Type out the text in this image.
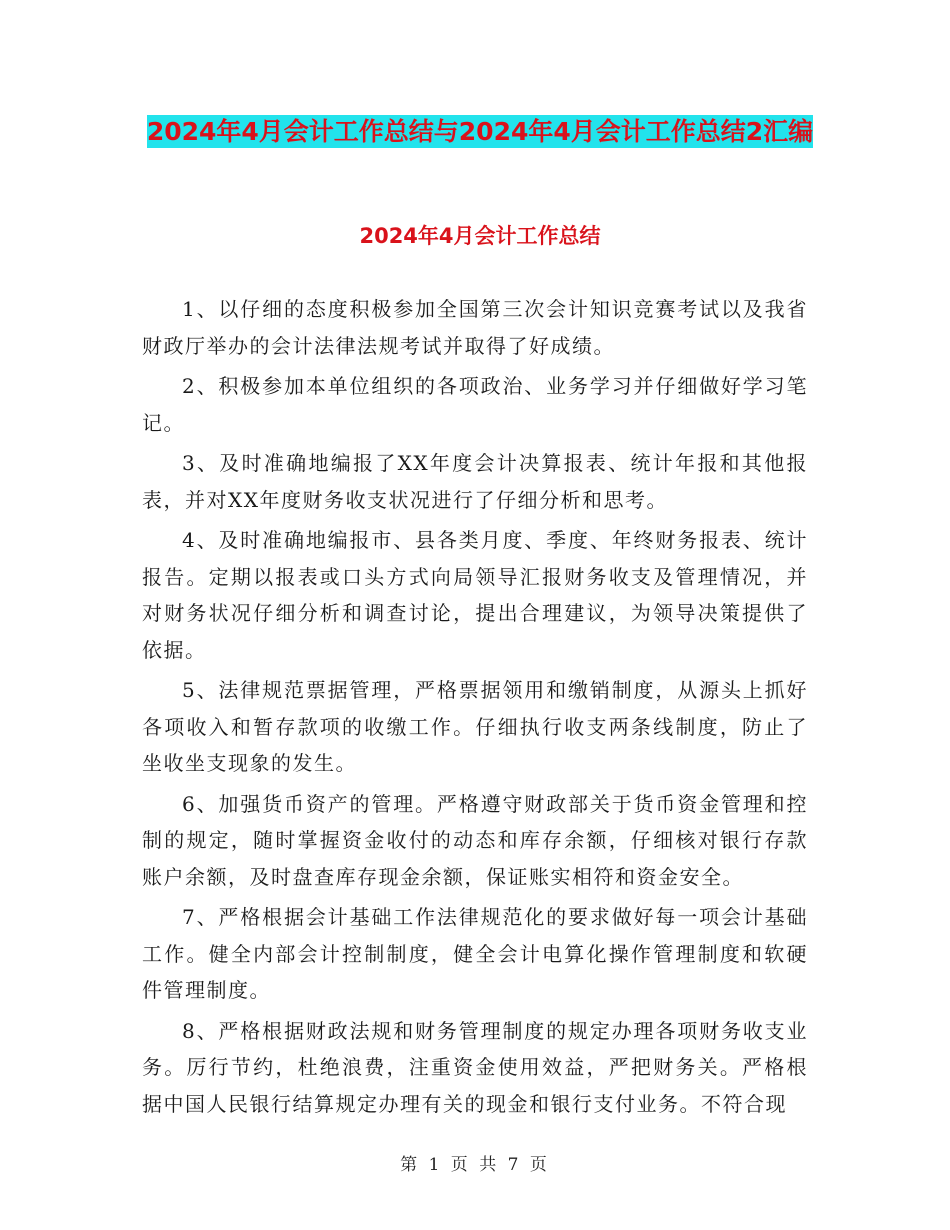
2024年4月会计工作总结与2024年4月会计工作总结2汇编
2024年4月会计工作总结

1、以仔细的态度积极参加全国第三次会计知识竞赛考试以及我省财政厅举办的会计法律法规考试并取得了好成绩。

2、积极参加本单位组织的各项政治、业务学习并仔细做好学习笔记。

3、及时准确地编报了XX年度会计决算报表、统计年报和其他报表，并对XX年度财务收支状况进行了仔细分析和思考。

4、及时准确地编报市、县各类月度、季度、年终财务报表、统计报告。定期以报表或口头方式向局领导汇报财务收支及管理情况，并对财务状况仔细分析和调查讨论，提出合理建议，为领导决策提供了依据。

5、法律规范票据管理，严格票据领用和缴销制度，从源头上抓好各项收入和暂存款项的收缴工作。仔细执行收支两条线制度，防止了坐收坐支现象的发生。

6、加强货币资产的管理。严格遵守财政部关于货币资金管理和控制的规定，随时掌握资金收付的动态和库存余额，仔细核对银行存款账户余额，及时盘查库存现金余额，保证账实相符和资金安全。

7、严格根据会计基础工作法律规范化的要求做好每一项会计基础工作。健全内部会计控制制度，健全会计电算化操作管理制度和软硬件管理制度。

8、严格根据财政法规和财务管理制度的规定办理各项财务收支业务。厉行节约，杜绝浪费，注重资金使用效益，严把财务关。严格根据中国人民银行结算规定办理有关的现金和银行支付业务。不符合现

第 1 页 共 7 页
